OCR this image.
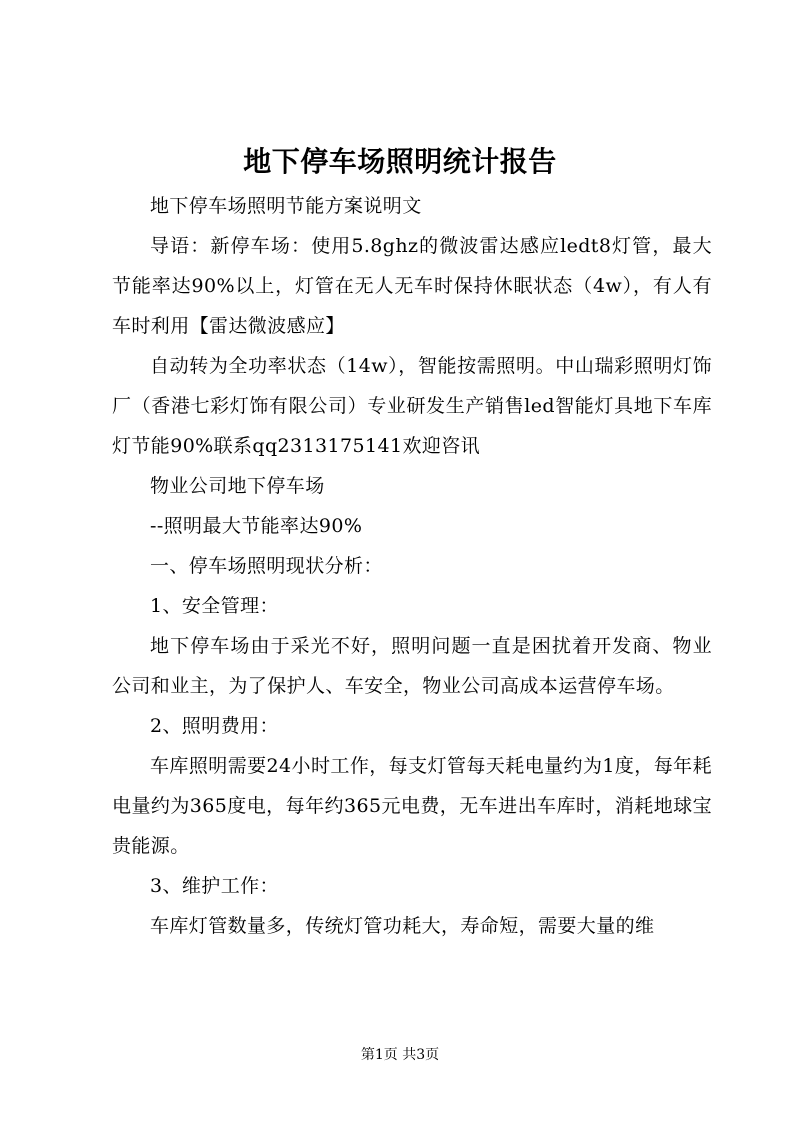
地下停车场照明统计报告

地下停车场照明节能方案说明文

导语：新停车场：使用5.8ghz的微波雷达感应ledt8灯管，最大节能率达90%以上，灯管在无人无车时保持休眠状态（4w），有人有车时利用【雷达微波感应】

自动转为全功率状态（14w），智能按需照明。中山瑞彩照明灯饰厂（香港七彩灯饰有限公司）专业研发生产销售led智能灯具地下车库灯节能90%联系qq2313175141欢迎咨讯

物业公司地下停车场

--照明最大节能率达90%

一、停车场照明现状分析：

1、安全管理：

地下停车场由于采光不好，照明问题一直是困扰着开发商、物业公司和业主，为了保护人、车安全，物业公司高成本运营停车场。

2、照明费用：

车库照明需要24小时工作，每支灯管每天耗电量约为1度，每年耗电量约为365度电，每年约365元电费，无车进出车库时，消耗地球宝贵能源。

3、维护工作：

车库灯管数量多，传统灯管功耗大，寿命短，需要大量的维

第1页 共3页
